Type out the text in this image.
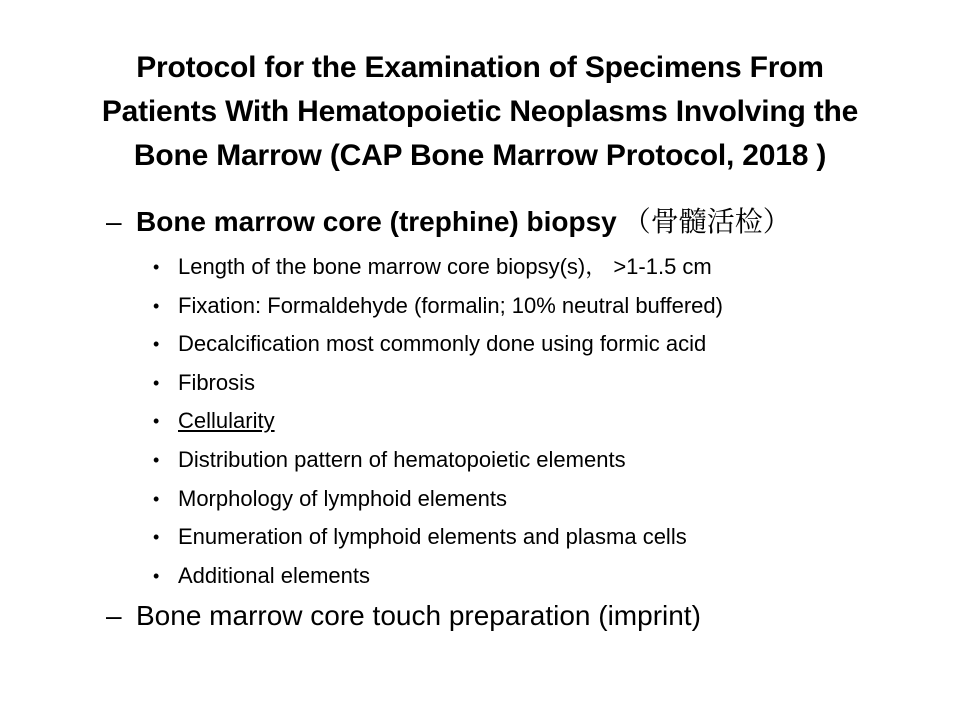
Protocol for the Examination of Specimens From
Patients With Hematopoietic Neoplasms Involving the
Bone Marrow (CAP Bone Marrow Protocol, 2018 )
– Bone marrow core (trephine) biopsy （骨髓活检）
• Length of the bone marrow core biopsy(s)， >1-1.5 cm
• Fixation: Formaldehyde (formalin; 10% neutral buffered)
• Decalcification most commonly done using formic acid
• Fibrosis
• Cellularity
• Distribution pattern of hematopoietic elements
• Morphology of lymphoid elements
• Enumeration of lymphoid elements and plasma cells
• Additional elements
– Bone marrow core touch preparation (imprint)
